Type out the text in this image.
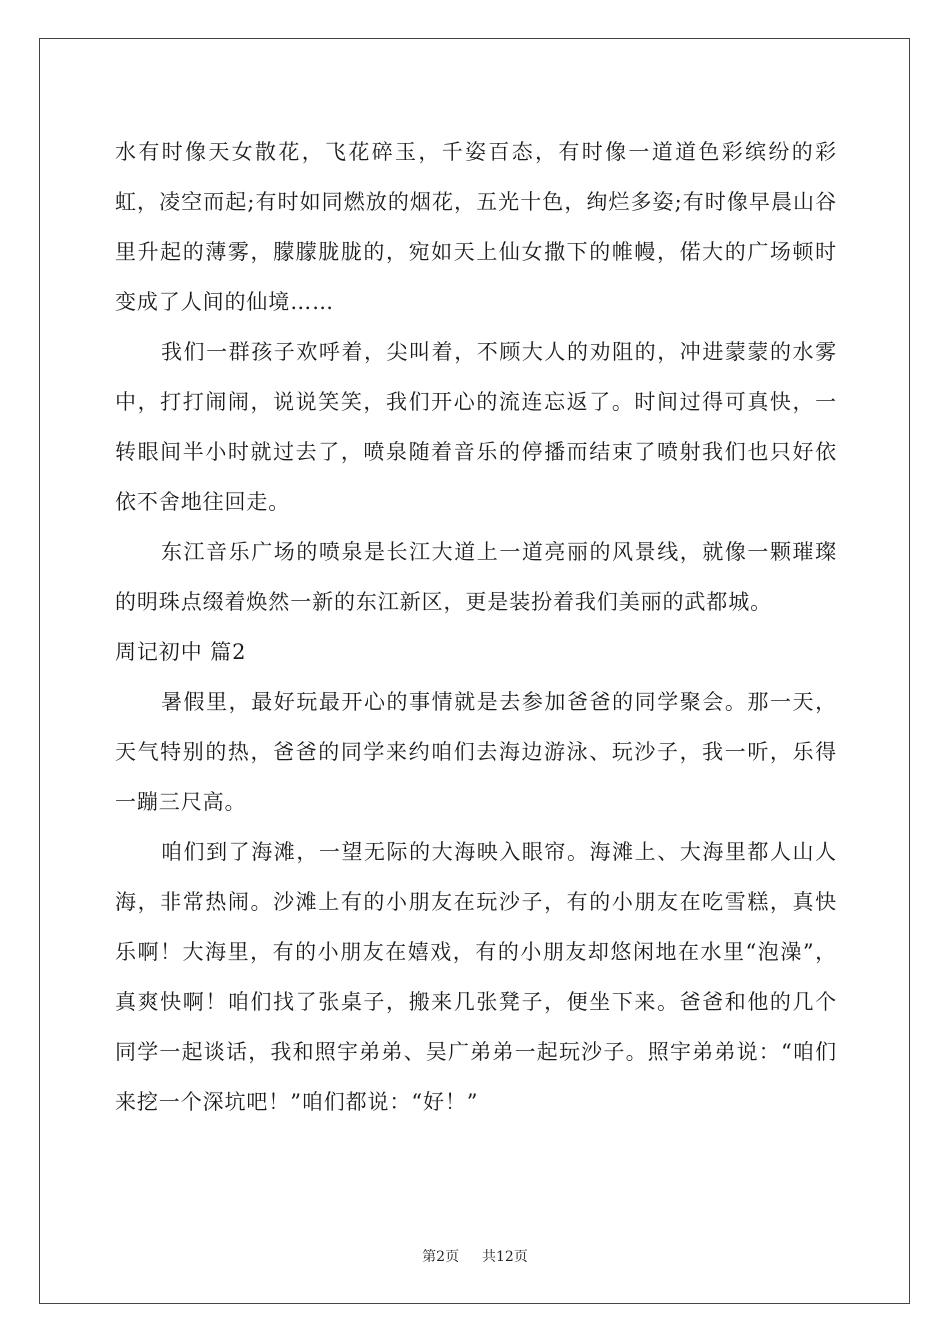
水有时像天女散花，飞花碎玉，千姿百态，有时像一道道色彩缤纷的彩虹，凌空而起;有时如同燃放的烟花，五光十色，绚烂多姿;有时像早晨山谷里升起的薄雾，朦朦胧胧的，宛如天上仙女撒下的帷幔，偌大的广场顿时变成了人间的仙境……

我们一群孩子欢呼着，尖叫着，不顾大人的劝阻的，冲进蒙蒙的水雾中，打打闹闹，说说笑笑，我们开心的流连忘返了。时间过得可真快，一转眼间半小时就过去了，喷泉随着音乐的停播而结束了喷射我们也只好依依不舍地往回走。

东江音乐广场的喷泉是长江大道上一道亮丽的风景线，就像一颗璀璨的明珠点缀着焕然一新的东江新区，更是装扮着我们美丽的武都城。

周记初中 篇2

暑假里，最好玩最开心的事情就是去参加爸爸的同学聚会。那一天，天气特别的热，爸爸的同学来约咱们去海边游泳、玩沙子，我一听，乐得一蹦三尺高。

咱们到了海滩，一望无际的大海映入眼帘。海滩上、大海里都人山人海，非常热闹。沙滩上有的小朋友在玩沙子，有的小朋友在吃雪糕，真快乐啊！大海里，有的小朋友在嬉戏，有的小朋友却悠闲地在水里“泡澡”，真爽快啊！咱们找了张桌子，搬来几张凳子，便坐下来。爸爸和他的几个同学一起谈话，我和照宇弟弟、吴广弟弟一起玩沙子。照宇弟弟说：“咱们来挖一个深坑吧！”咱们都说：“好！”

第2页 共12页
